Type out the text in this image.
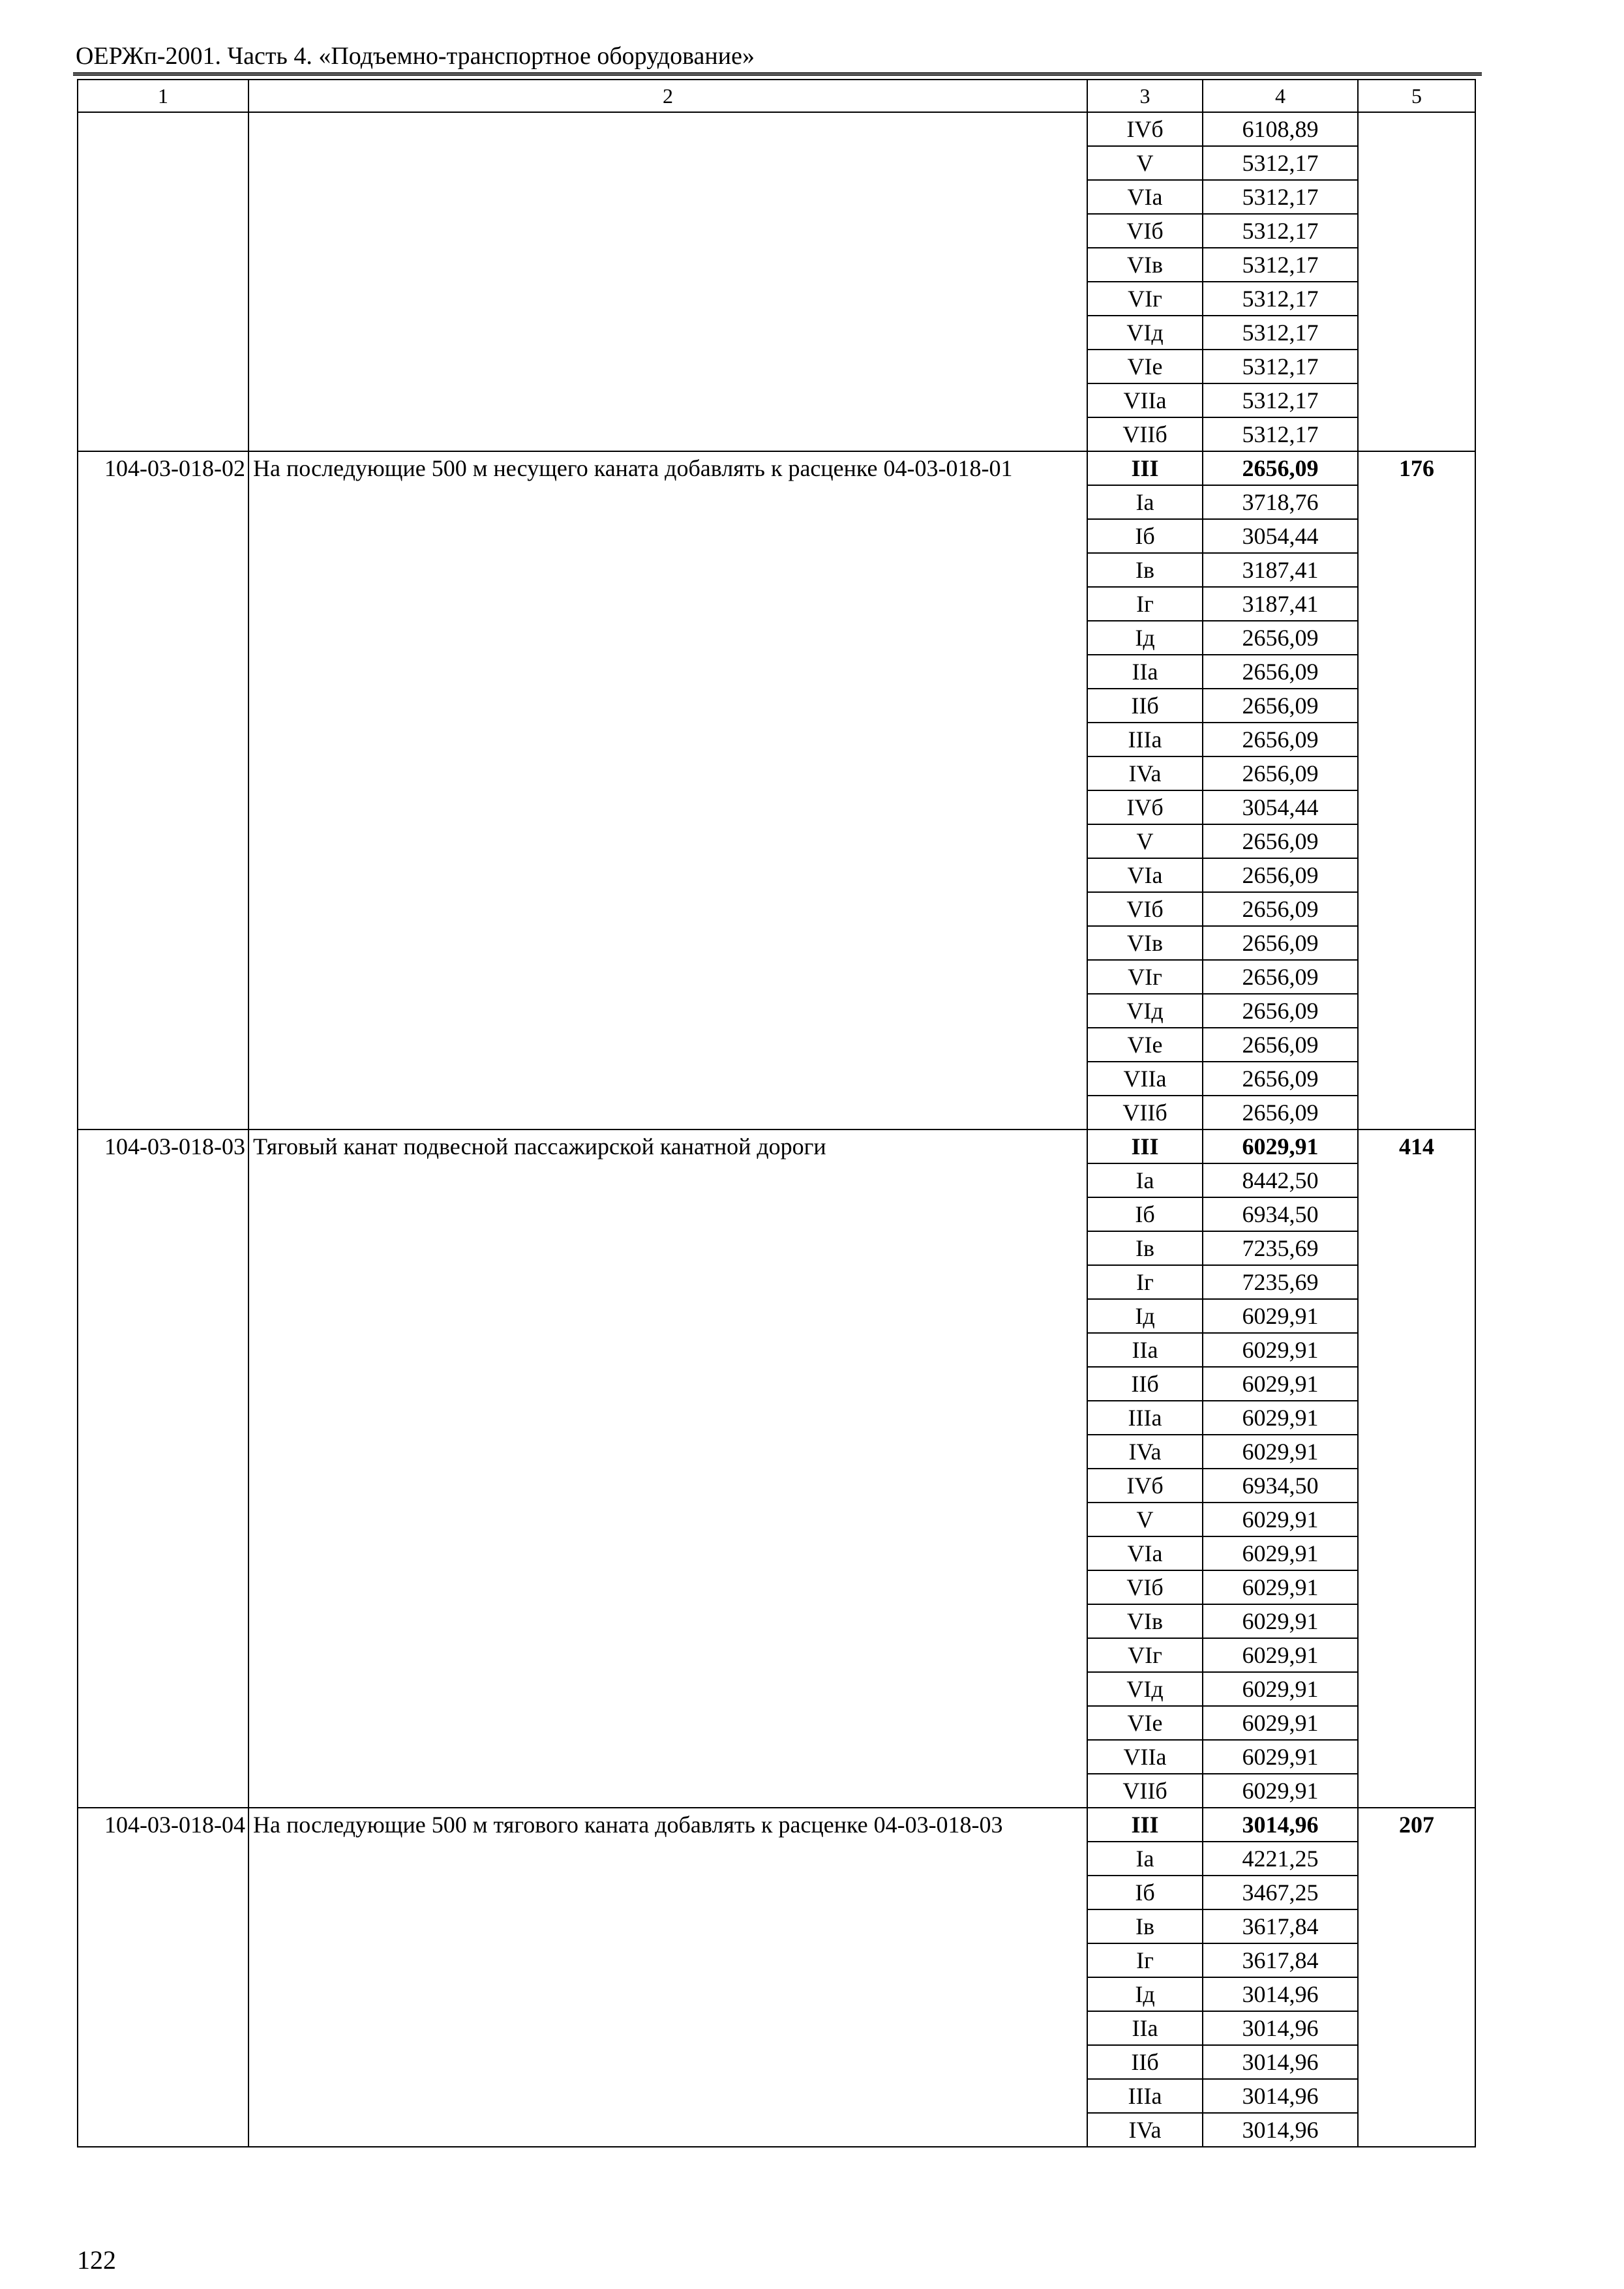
ОЕРЖп-2001. Часть 4. «Подъемно-транспортное оборудование»
1	2	3	4	5
		IVб	6108,89	
		V	5312,17	
		VIa	5312,17	
		VIб	5312,17	
		VIв	5312,17	
		VIг	5312,17	
		VIд	5312,17	
		VIе	5312,17	
		VIIа	5312,17	
		VIIб	5312,17	
104-03-018-02	На последующие 500 м несущего каната добавлять к расценке 04-03-018-01	III	2656,09	176
		Ia	3718,76	
		Iб	3054,44	
		Iв	3187,41	
		Iг	3187,41	
		Iд	2656,09	
		IIa	2656,09	
		IIб	2656,09	
		IIIa	2656,09	
		IVa	2656,09	
		IVб	3054,44	
		V	2656,09	
		VIa	2656,09	
		VIб	2656,09	
		VIв	2656,09	
		VIг	2656,09	
		VIд	2656,09	
		VIе	2656,09	
		VIIа	2656,09	
		VIIб	2656,09	
104-03-018-03	Тяговый канат подвесной пассажирской канатной дороги	III	6029,91	414
		Ia	8442,50	
		Iб	6934,50	
		Iв	7235,69	
		Iг	7235,69	
		Iд	6029,91	
		IIa	6029,91	
		IIб	6029,91	
		IIIa	6029,91	
		IVa	6029,91	
		IVб	6934,50	
		V	6029,91	
		VIa	6029,91	
		VIб	6029,91	
		VIв	6029,91	
		VIг	6029,91	
		VIд	6029,91	
		VIе	6029,91	
		VIIа	6029,91	
		VIIб	6029,91	
104-03-018-04	На последующие 500 м тягового каната добавлять к расценке 04-03-018-03	III	3014,96	207
		Ia	4221,25	
		Iб	3467,25	
		Iв	3617,84	
		Iг	3617,84	
		Iд	3014,96	
		IIa	3014,96	
		IIб	3014,96	
		IIIa	3014,96	
		IVa	3014,96	
122
